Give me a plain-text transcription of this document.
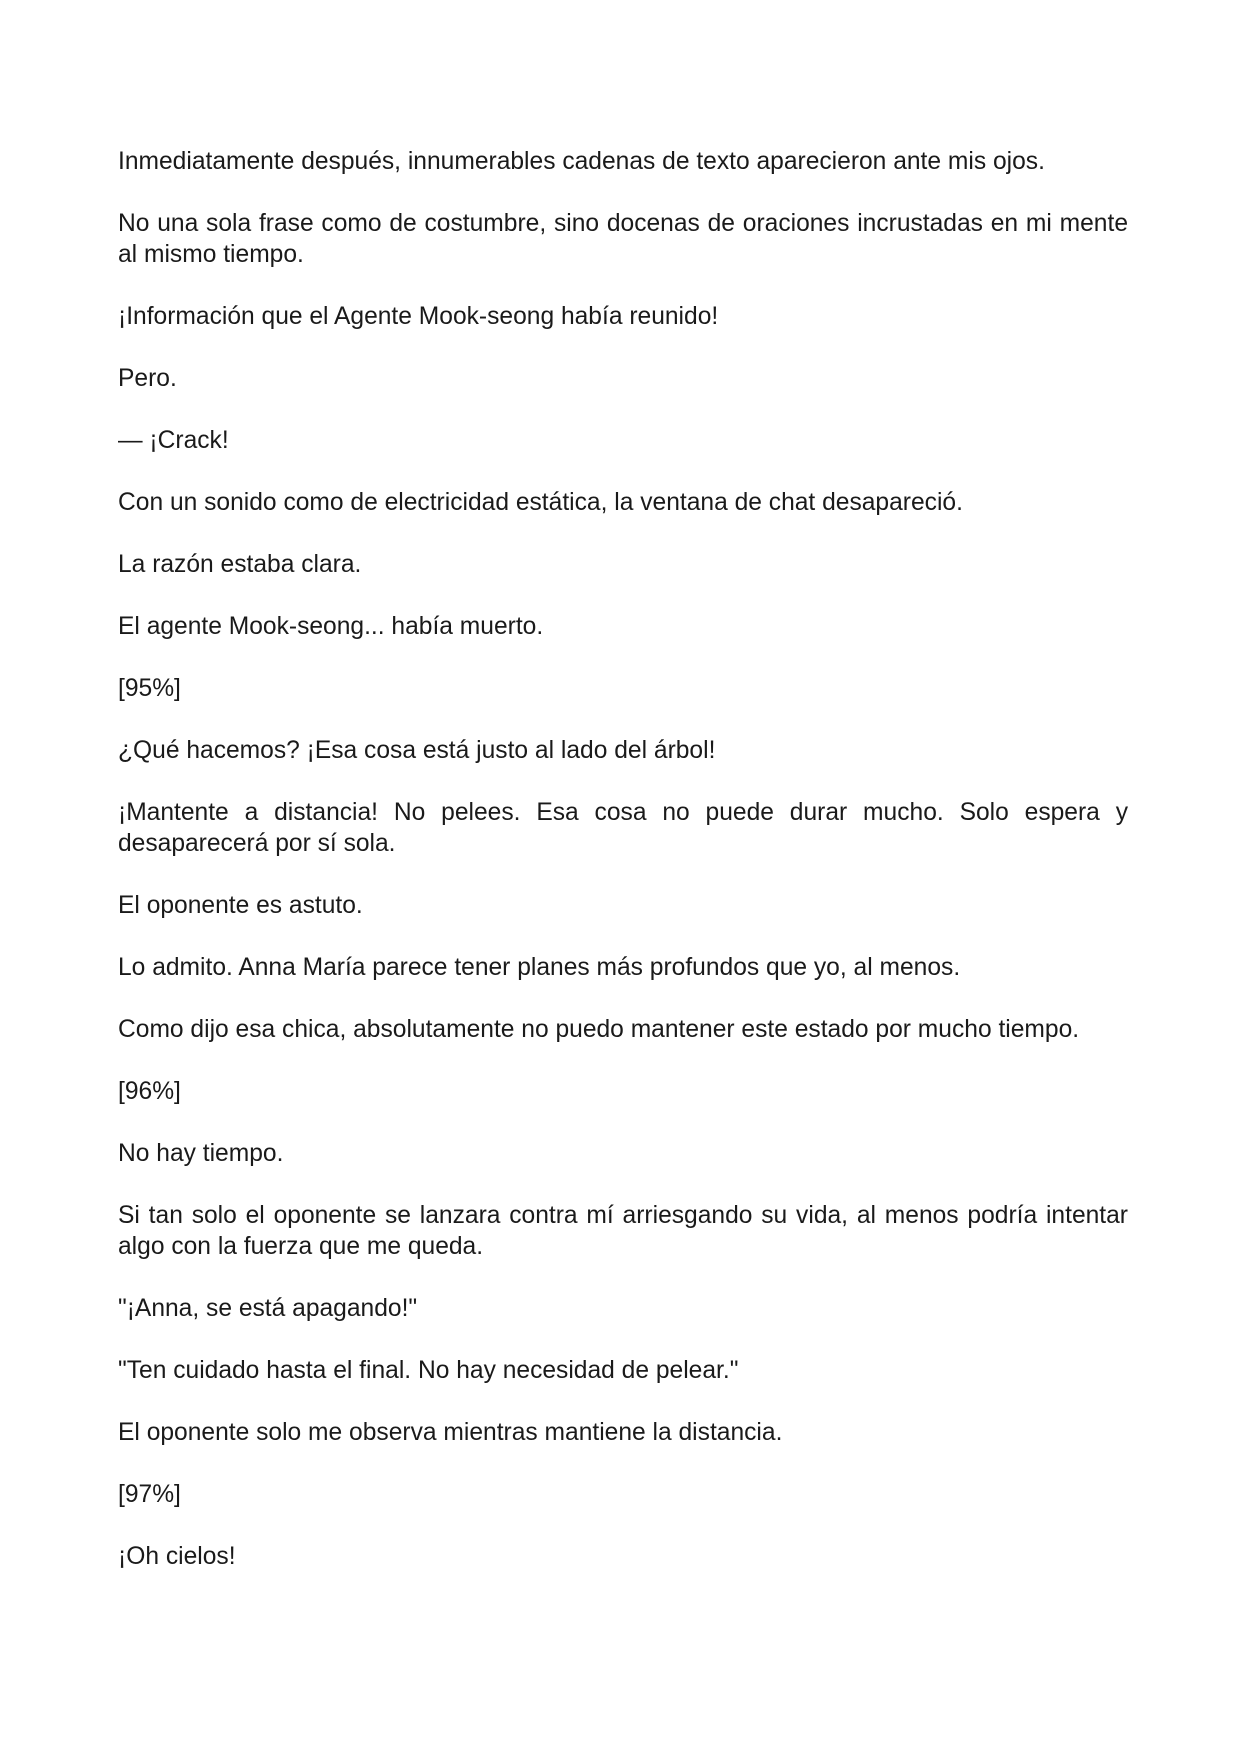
Inmediatamente después, innumerables cadenas de texto aparecieron ante mis ojos.

No una sola frase como de costumbre, sino docenas de oraciones incrustadas en mi mente al mismo tiempo.

¡Información que el Agente Mook-seong había reunido!

Pero.

— ¡Crack!

Con un sonido como de electricidad estática, la ventana de chat desapareció.

La razón estaba clara.

El agente Mook-seong... había muerto.

[95%]

¿Qué hacemos? ¡Esa cosa está justo al lado del árbol!

¡Mantente a distancia! No pelees. Esa cosa no puede durar mucho. Solo espera y desaparecerá por sí sola.

El oponente es astuto.

Lo admito. Anna María parece tener planes más profundos que yo, al menos.

Como dijo esa chica, absolutamente no puedo mantener este estado por mucho tiempo.

[96%]

No hay tiempo.

Si tan solo el oponente se lanzara contra mí arriesgando su vida, al menos podría intentar algo con la fuerza que me queda.

"¡Anna, se está apagando!"

"Ten cuidado hasta el final. No hay necesidad de pelear."

El oponente solo me observa mientras mantiene la distancia.

[97%]

¡Oh cielos!
